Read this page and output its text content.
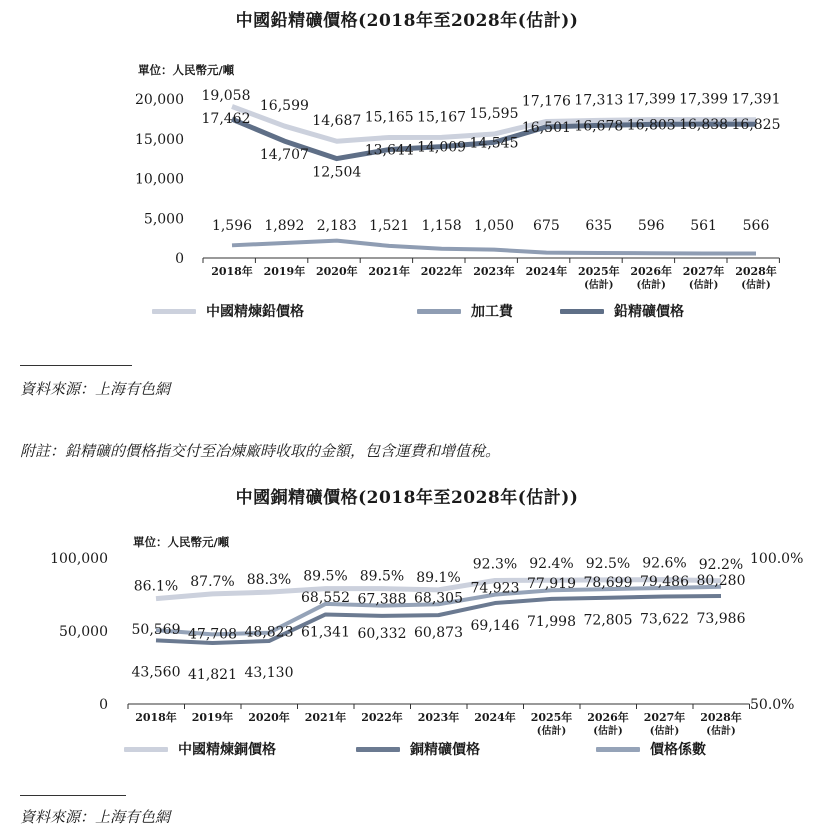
中國鉛精礦價格(2018年至2028年(估計))
單位：人民幣元/噸
0
5,000
10,000
15,000
20,000
2018年 2019年 2020年 2021年 2022年 2023年 2024年 2025年
(估計)
2026年
(估計)
2027年
(估計)
2028年
(估計)
19,058
16,599
14,687 15,165 15,167 15,595
17,176 17,313 17,399 17,399 17,391
17,462
14,707
12,504
13,644 14,009 14,545
16,501 16,678 16,803 16,838 16,825
1,596 1,892 2,183 1,521 1,158 1,050 675 635 596 561 566
中國精煉鉛價格	加工費	鉛精礦價格
資料來源：上海有色網
附註：鉛精礦的價格指交付至冶煉廠時收取的金額，包含運費和增值稅。
中國銅精礦價格(2018年至2028年(估計))
單位：人民幣元/噸
0
50,000
100,000
50.0%
100.0%
2018年 2019年 2020年 2021年 2022年 2023年 2024年 2025年
(估計)
2026年
(估計)
2027年
(估計)
2028年
(估計)
86.1% 87.7% 88.3% 89.5% 89.5% 89.1%
92.3% 92.4% 92.5% 92.6% 92.2%
50,569 47,708 48,823
68,552 67,388 68,305
74,923 77,919 78,699 79,486 80,280
43,560 41,821 43,130
61,341 60,332 60,873 69,146 71,998 72,805 73,622 73,986
中國精煉銅價格	銅精礦價格	價格係數
資料來源：上海有色網
